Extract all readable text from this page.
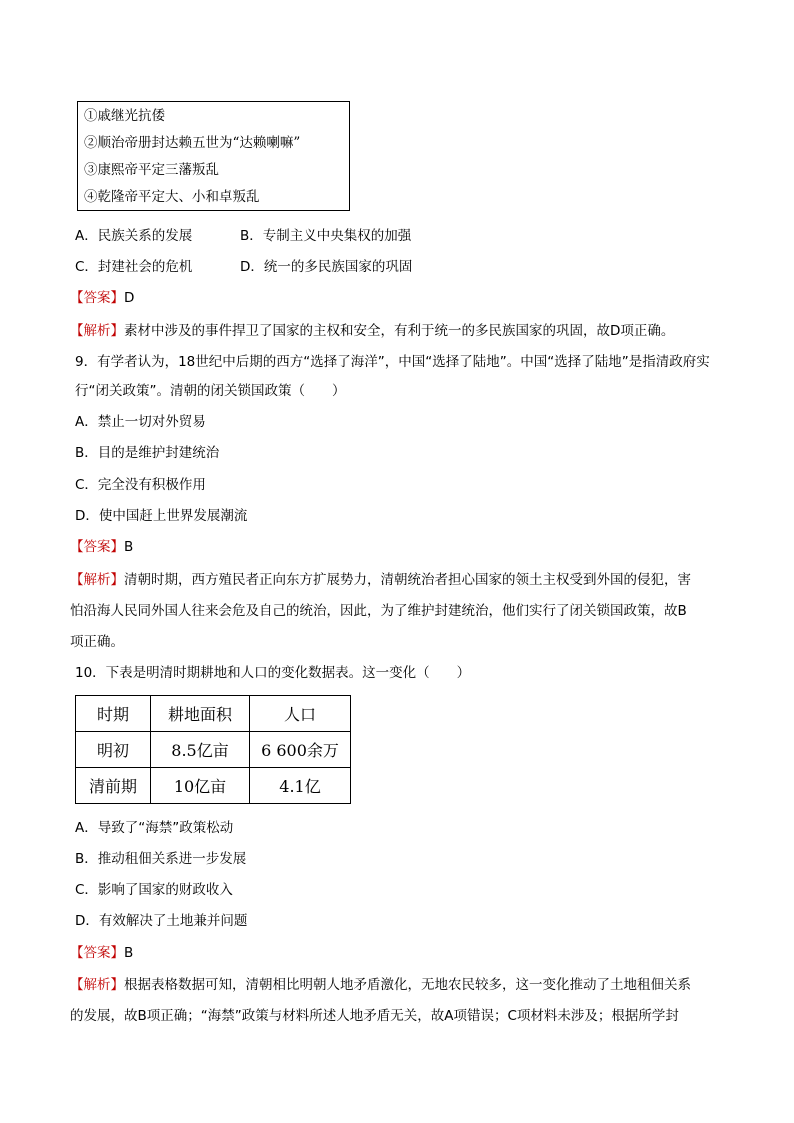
①戚继光抗倭
②顺治帝册封达赖五世为“达赖喇嘛”
③康熙帝平定三藩叛乱
④乾隆帝平定大、小和卓叛乱
A．民族关系的发展	B．专制主义中央集权的加强
C．封建社会的危机	D．统一的多民族国家的巩固
【答案】D
【解析】素材中涉及的事件捍卫了国家的主权和安全，有利于统一的多民族国家的巩固，故D项正确。
9．有学者认为，18世纪中后期的西方“选择了海洋”，中国“选择了陆地”。中国“选择了陆地”是指清政府实
行“闭关政策”。清朝的闭关锁国政策（　　）
A．禁止一切对外贸易
B．目的是维护封建统治
C．完全没有积极作用
D．使中国赶上世界发展潮流
【答案】B
【解析】清朝时期，西方殖民者正向东方扩展势力，清朝统治者担心国家的领土主权受到外国的侵犯，害
怕沿海人民同外国人往来会危及自己的统治，因此，为了维护封建统治，他们实行了闭关锁国政策，故B
项正确。
10．下表是明清时期耕地和人口的变化数据表。这一变化（　　）
时期	耕地面积	人口
明初	8.5亿亩	6 600余万
清前期	10亿亩	4.1亿
A．导致了“海禁”政策松动
B．推动租佃关系进一步发展
C．影响了国家的财政收入
D．有效解决了土地兼并问题
【答案】B
【解析】根据表格数据可知，清朝相比明朝人地矛盾激化，无地农民较多，这一变化推动了土地租佃关系
的发展，故B项正确；“海禁”政策与材料所述人地矛盾无关，故A项错误；C项材料未涉及；根据所学封
